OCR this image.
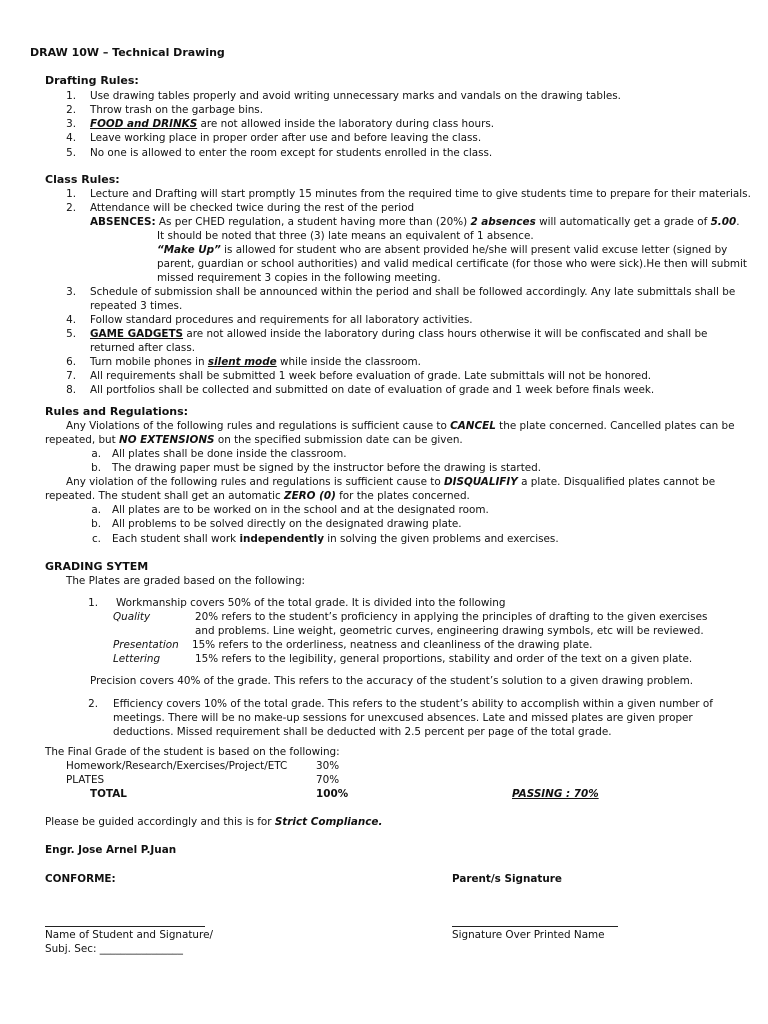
DRAW 10W – Technical Drawing
Drafting Rules:
1. Use drawing tables properly and avoid writing unnecessary marks and vandals on the drawing tables.
2. Throw trash on the garbage bins.
3. FOOD and DRINKS are not allowed inside the laboratory during class hours.
4. Leave working place in proper order after use and before leaving the class.
5. No one is allowed to enter the room except for students enrolled in the class.
Class Rules:
1. Lecture and Drafting will start promptly 15 minutes from the required time to give students time to prepare for their materials.
2. Attendance will be checked twice during the rest of the period
ABSENCES: As per CHED regulation, a student having more than (20%) 2 absences will automatically get a grade of 5.00.
It should be noted that three (3) late means an equivalent of 1 absence.
“Make Up” is allowed for student who are absent provided he/she will present valid excuse letter (signed by
parent, guardian or school authorities) and valid medical certificate (for those who were sick).He then will submit
missed requirement 3 copies in the following meeting.
3. Schedule of submission shall be announced within the period and shall be followed accordingly. Any late submittals shall be
repeated 3 times.
4. Follow standard procedures and requirements for all laboratory activities.
5. GAME GADGETS are not allowed inside the laboratory during class hours otherwise it will be confiscated and shall be
returned after class.
6. Turn mobile phones in silent mode while inside the classroom.
7. All requirements shall be submitted 1 week before evaluation of grade. Late submittals will not be honored.
8. All portfolios shall be collected and submitted on date of evaluation of grade and 1 week before finals week.
Rules and Regulations:
Any Violations of the following rules and regulations is sufficient cause to CANCEL the plate concerned. Cancelled plates can be
repeated, but NO EXTENSIONS on the specified submission date can be given.
a. All plates shall be done inside the classroom.
b. The drawing paper must be signed by the instructor before the drawing is started.
Any violation of the following rules and regulations is sufficient cause to DISQUALIFIY a plate. Disqualified plates cannot be
repeated. The student shall get an automatic ZERO (0) for the plates concerned.
a. All plates are to be worked on in the school and at the designated room.
b. All problems to be solved directly on the designated drawing plate.
c. Each student shall work independently in solving the given problems and exercises.
GRADING SYTEM
The Plates are graded based on the following:
1. Workmanship covers 50% of the total grade. It is divided into the following
Quality	20% refers to the student’s proficiency in applying the principles of drafting to the given exercises
and problems. Line weight, geometric curves, engineering drawing symbols, etc will be reviewed.
Presentation 15% refers to the orderliness, neatness and cleanliness of the drawing plate.
Lettering	15% refers to the legibility, general proportions, stability and order of the text on a given plate.
Precision covers 40% of the grade. This refers to the accuracy of the student’s solution to a given drawing problem.
2. Efficiency covers 10% of the total grade. This refers to the student’s ability to accomplish within a given number of
meetings. There will be no make-up sessions for unexcused absences. Late and missed plates are given proper
deductions. Missed requirement shall be deducted with 2.5 percent per page of the total grade.
The Final Grade of the student is based on the following:
Homework/Research/Exercises/Project/ETC	30%
PLATES	70%
TOTAL	100%	PASSING : 70%
Please be guided accordingly and this is for Strict Compliance.
Engr. Jose Arnel P.Juan
CONFORME:	Parent/s Signature
Name of Student and Signature/	Signature Over Printed Name
Subj. Sec: ________________
